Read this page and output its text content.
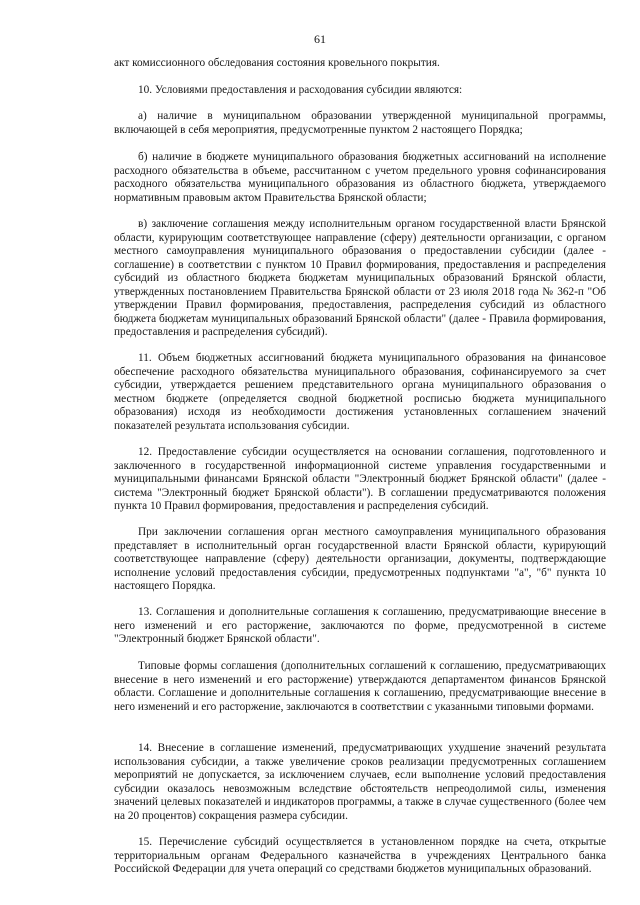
61

акт комиссионного обследования состояния кровельного покрытия.

10. Условиями предоставления и расходования субсидии являются:

а) наличие в муниципальном образовании утвержденной муниципальной программы, включающей в себя мероприятия, предусмотренные пунктом 2 настоящего Порядка;

б) наличие в бюджете муниципального образования бюджетных ассигнований на исполнение расходного обязательства в объеме, рассчитанном с учетом предельного уровня софинансирования расходного обязательства муниципального образования из областного бюджета, утверждаемого нормативным правовым актом Правительства Брянской области;

в) заключение соглашения между исполнительным органом государственной власти Брянской области, курирующим соответствующее направление (сферу) деятельности организации, с органом местного самоуправления муниципального образования о предоставлении субсидии (далее - соглашение) в соответствии с пунктом 10 Правил формирования, предоставления и распределения субсидий из областного бюджета бюджетам муниципальных образований Брянской области, утвержденных постановлением Правительства Брянской области от 23 июля 2018 года № 362-п "Об утверждении Правил формирования, предоставления, распределения субсидий из областного бюджета бюджетам муниципальных образований Брянской области" (далее - Правила формирования, предоставления и распределения субсидий).

11. Объем бюджетных ассигнований бюджета муниципального образования на финансовое обеспечение расходного обязательства муниципального образования, софинансируемого за счет субсидии, утверждается решением представительного органа муниципального образования о местном бюджете (определяется сводной бюджетной росписью бюджета муниципального образования) исходя из необходимости достижения установленных соглашением значений показателей результата использования субсидии.

12. Предоставление субсидии осуществляется на основании соглашения, подготовленного и заключенного в государственной информационной системе управления государственными и муниципальными финансами Брянской области "Электронный бюджет Брянской области" (далее - система "Электронный бюджет Брянской области"). В соглашении предусматриваются положения пункта 10 Правил формирования, предоставления и распределения субсидий.

При заключении соглашения орган местного самоуправления муниципального образования представляет в исполнительный орган государственной власти Брянской области, курирующий соответствующее направление (сферу) деятельности организации, документы, подтверждающие исполнение условий предоставления субсидии, предусмотренных подпунктами "а", "б" пункта 10 настоящего Порядка.

13. Соглашения и дополнительные соглашения к соглашению, предусматривающие внесение в него изменений и его расторжение, заключаются по форме, предусмотренной в системе "Электронный бюджет Брянской области".

Типовые формы соглашения (дополнительных соглашений к соглашению, предусматривающих внесение в него изменений и его расторжение) утверждаются департаментом финансов Брянской области. Соглашение и дополнительные соглашения к соглашению, предусматривающие внесение в него изменений и его расторжение, заключаются в соответствии с указанными типовыми формами.

14. Внесение в соглашение изменений, предусматривающих ухудшение значений результата использования субсидии, а также увеличение сроков реализации предусмотренных соглашением мероприятий не допускается, за исключением случаев, если выполнение условий предоставления субсидии оказалось невозможным вследствие обстоятельств непреодолимой силы, изменения значений целевых показателей и индикаторов программы, а также в случае существенного (более чем на 20 процентов) сокращения размера субсидии.

15. Перечисление субсидий осуществляется в установленном порядке на счета, открытые территориальным органам Федерального казначейства в учреждениях Центрального банка Российской Федерации для учета операций со средствами бюджетов муниципальных образований.
